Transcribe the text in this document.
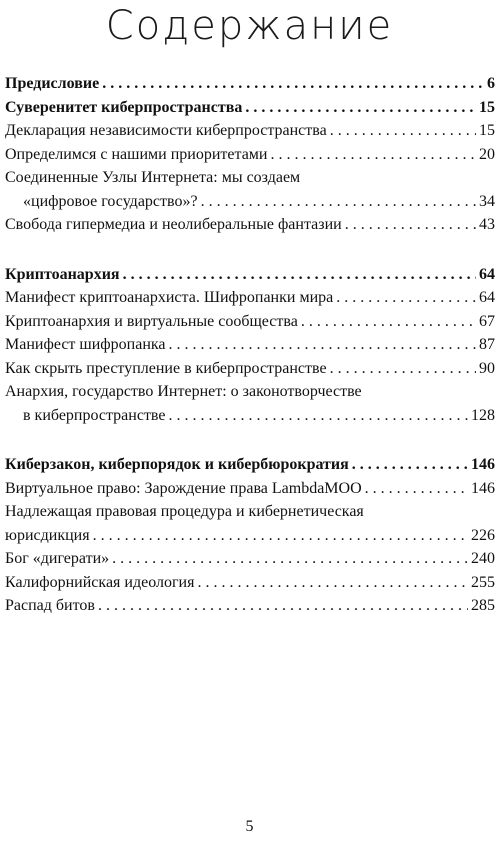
Содержание
Предисловие . . .	6
Суверенитет киберпространства . . .	15
Декларация независимости киберпространства . . .	15
Определимся с нашими приоритетами . . .	20
Соединенные Узлы Интернета: мы создаем
«цифровое государство»? . . .	34
Свобода гипермедиа и неолиберальные фантазии . . .	43
Криптоанархия . . .	64
Манифест криптоанархиста. Шифропанки мира . . .	64
Криптоанархия и виртуальные сообщества . . .	67
Манифест шифропанка . . .	87
Как скрыть преступление в киберпространстве . . .	90
Анархия, государство Интернет: о законотворчестве
в киберпространстве . . .	128
Киберзакон, киберпорядок и кибербюрократия . . .	146
Виртуальное право: Зарождение права LambdaMOO . . .	146
Надлежащая правовая процедура и кибернетическая
юрисдикция . . .	226
Бог «дигерати» . . .	240
Калифорнийская идеология . . .	255
Распад битов . . .	285
5
